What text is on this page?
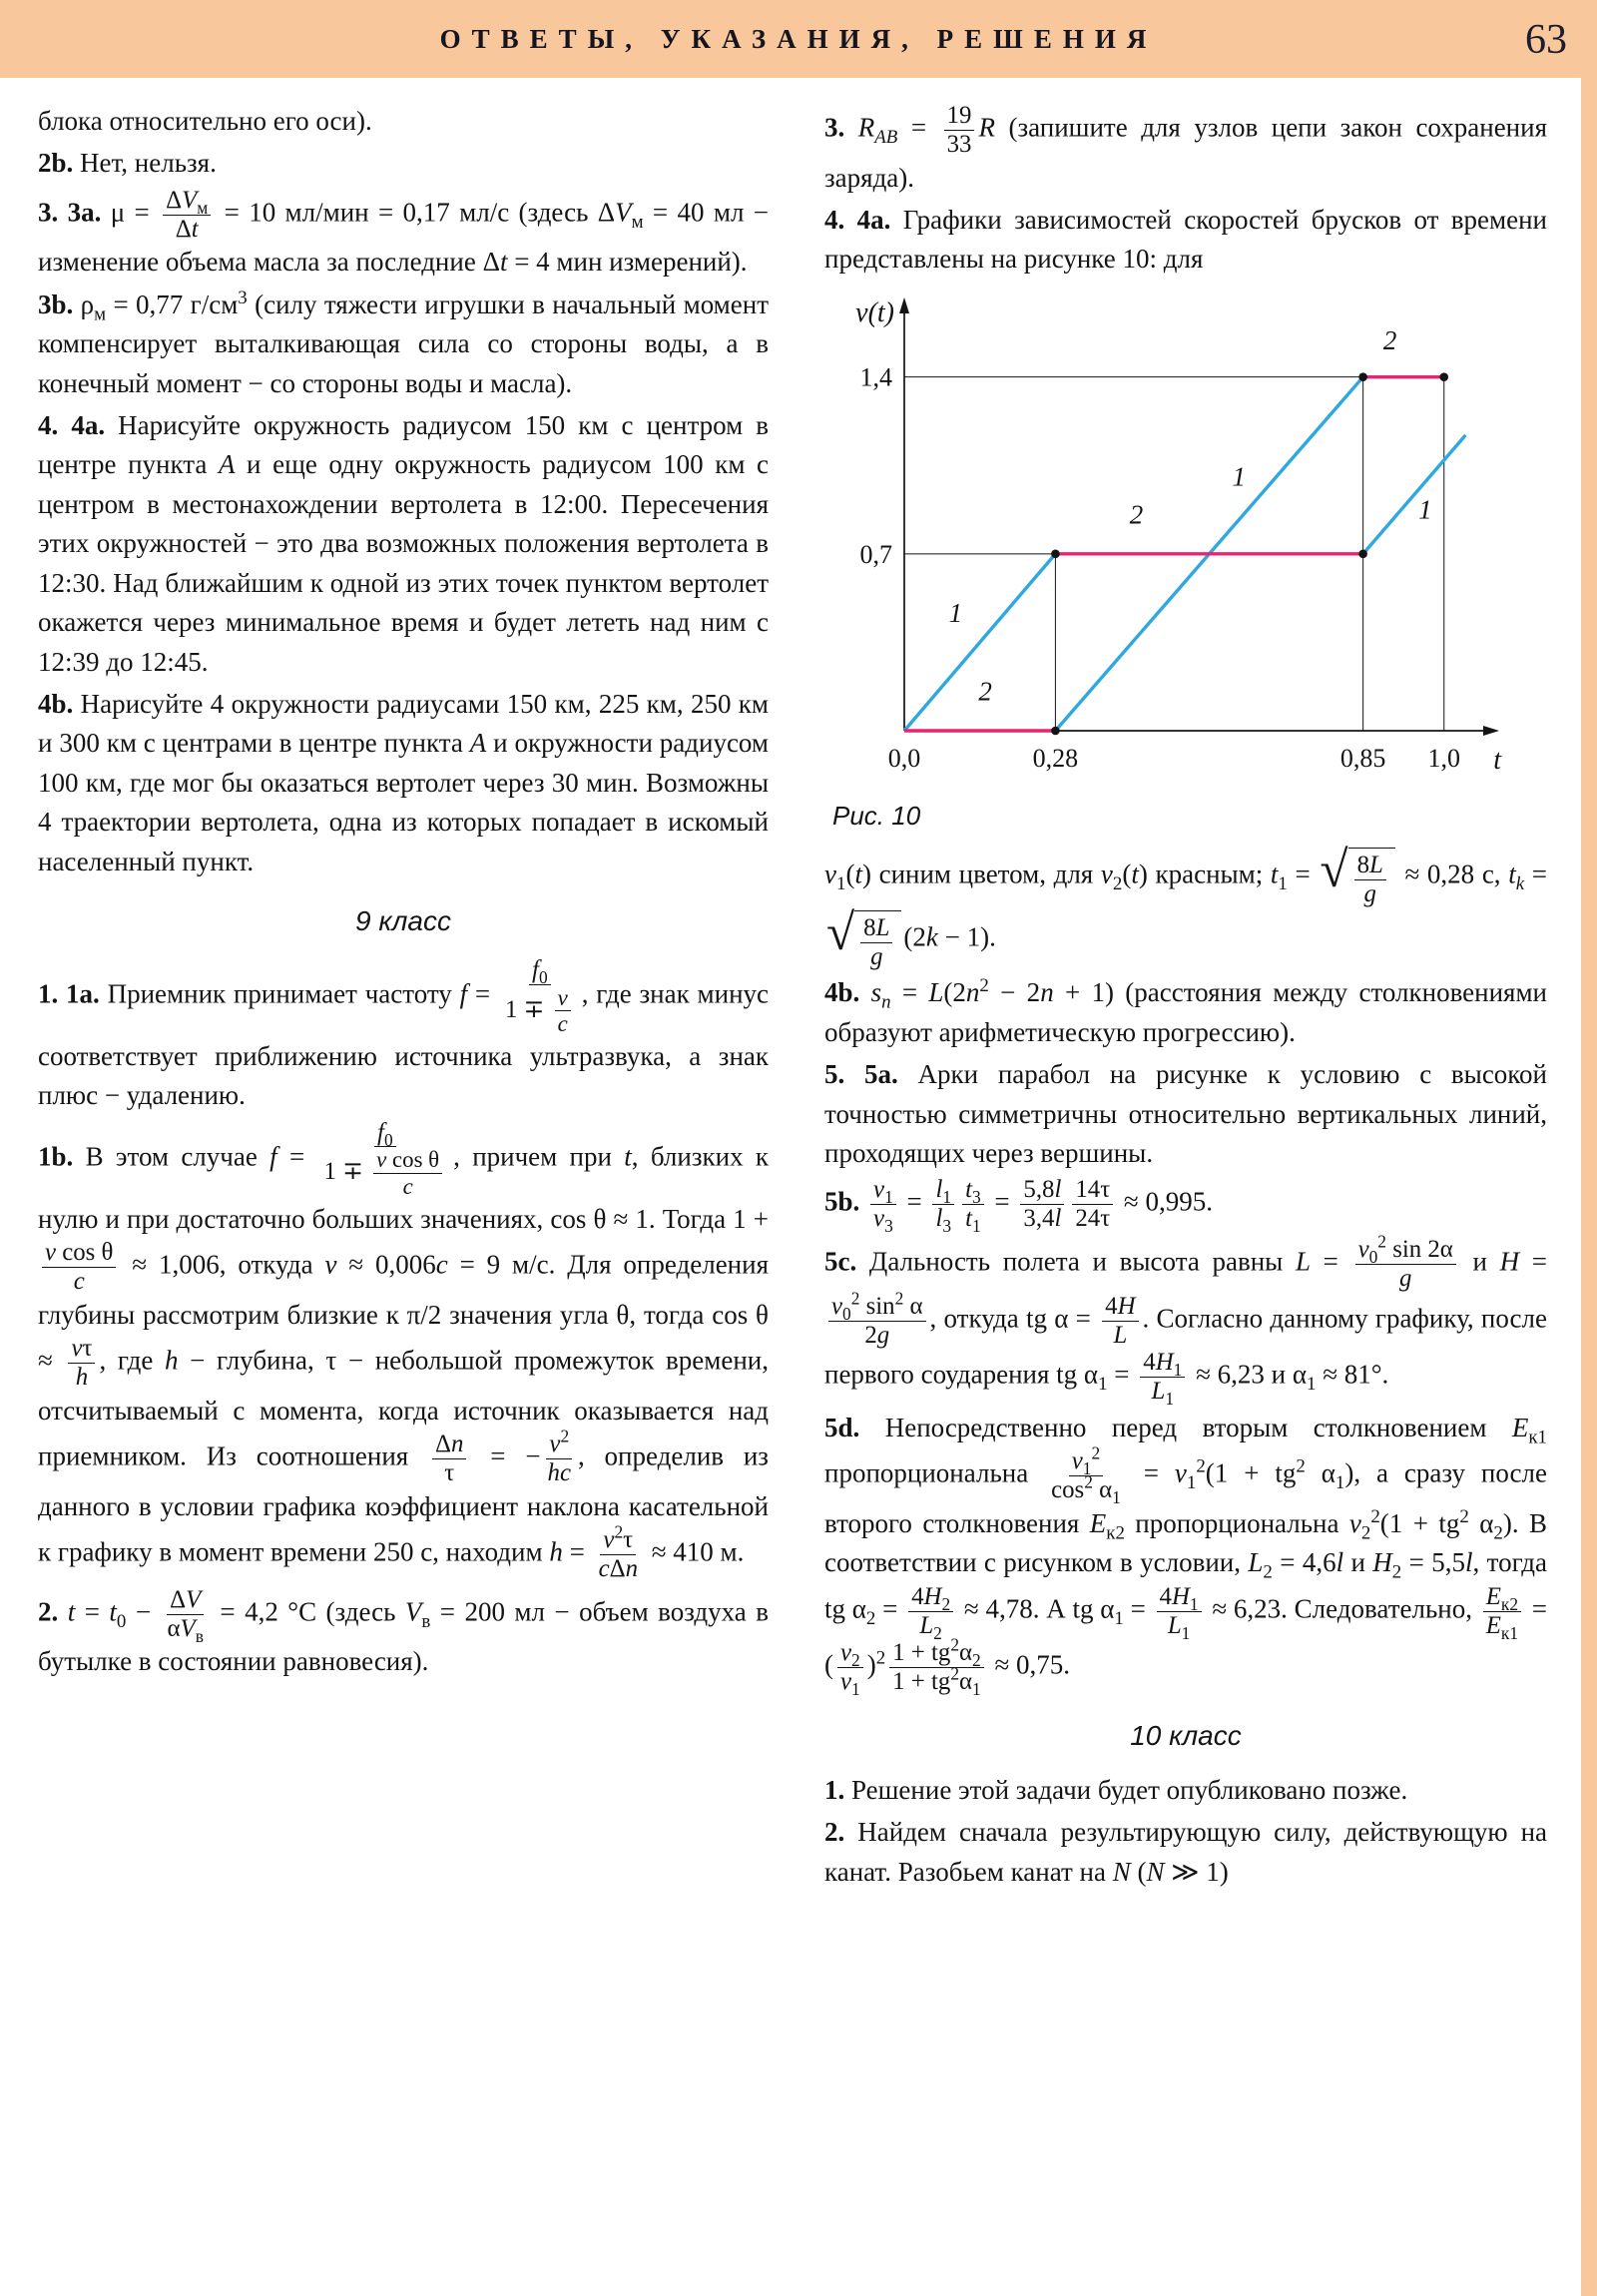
ОТВЕТЫ, УКАЗАНИЯ, РЕШЕНИЯ	63

блока относительно его оси).

2b. Нет, нельзя.

3. 3а. $\mu = \frac{\Delta V_м}{\Delta t} = 10$ мл/мин = 0,17 мл/с (здесь $\Delta V_м = 40$ мл − изменение объема масла за последние Δt = 4 мин измерений).

3b. $\rho_м = 0,77$ $г/см^3$ (силу тяжести игрушки в начальный момент компенсирует выталкивающая сила со стороны воды, а в конечный момент − со стороны воды и масла).

4. 4а. Нарисуйте окружность радиусом 150 км с центром в центре пункта A и еще одну окружность радиусом 100 км с центром в местонахождении вертолета в 12:00. Пересечения этих окружностей − это два возможных положения вертолета в 12:30. Над ближайшим к одной из этих точек пунктом вертолет окажется через минимальное время и будет лететь над ним с 12:39 до 12:45.

4b. Нарисуйте 4 окружности радиусами 150 км, 225 км, 250 км и 300 км с центрами в центре пункта A и окружности радиусом 100 км, где мог бы оказаться вертолет через 30 мин. Возможны 4 траектории вертолета, одна из которых попадает в искомый населенный пункт.

9 класс

1. 1а. Приемник принимает частоту $f = \frac{f_0}{1 \mp \frac{v}{c}}$ , где знак минус соответствует приближению источника ультразвука, а знак плюс − удалению.

1b. В этом случае $f = \frac{f_0}{1 \mp \frac{\text{v cos θ}}{c}}$ , причем при t, близких к нулю и при достаточно больших значениях, cos θ ≈ 1. Тогда 1 +
$\frac{\text{v cos θ}}{c} \approx 1,006$, откуда v ≈ 0,006c = 9 м/с. Для определения глубины рассмотрим близкие к π/2 значения угла θ, тогда $\cos \theta \approx \frac{v\tau}{h}$ , где h − глубина, τ − небольшой промежуток времени, отсчитываемый с момента, когда источник оказывается над приемником. Из соотношения $\frac{\Delta n}{\tau}$ = − $\frac{v^2}{hc}$ , определив из данного в условии графика коэффициент наклона касательной к графику в момент времени 250 с, находим $h = \frac{v^2\tau}{\text{cΔn}} \approx 410$ м.

2. $t = t_0 - \frac{\Delta V}{\alpha V_в} = 4,2$ °C (здесь $V_в = 200$ мл − объем воздуха в бутылке в состоянии равновесия).

3. $R_{AB} = \frac{19}{33}$ R (запишите для узлов цепи закон сохранения заряда).

4. 4а. Графики зависимостей скоростей брусков от времени представлены на рисунке 10: для

1
1
1
2
2
2
0,0	0,28	0,85 1,0
0,7
1,4
v(t)
t
Рис. 10

$v_1(t)$ синим цветом, для $v_2(t)$ красным; $t_1$ = √ $\frac{8L}{g} \approx 0,28$ с, $t_k$ =
√ $\frac{8L}{g} (2k - 1)$.

4b. $s_n = L(2n^2 - 2n + 1)$ (расстояния между столкновениями образуют арифметическую прогрессию).

5. 5а. Арки парабол на рисунке к условию с высокой точностью симметричны относительно вертикальных линий, проходящих через вершины.

5b. $\frac{v_1}{v_3} = \frac{l_1}{l_3} \frac{t_3}{t_1} = \frac{5,8l}{3,4l} \frac{14\tau}{24\tau} \approx 0,995$.

5c. Дальность полета и высота равны $L = \frac{v_0^2 \sin 2\alpha}{g}$ и H =
$\frac{v_0^2 \sin^2 \alpha}{2g}$ , откуда tg $\alpha = \frac{4H}{L}$ . Согласно данному графику, после первого соударения tg $\alpha_1 = \frac{4H_1}{L_1} \approx 6,23$ и $\alpha_1 \approx 81^\circ$.

5d. Непосредственно перед вторым столкновением $E_{к1}$ пропорциональна $\frac{v_1^2}{\cos^2 \alpha_1} = v_1^2(1 + tg^2$ $\alpha_1$), а сразу после второго столкновения $E_{к2}$ пропорциональна $v_2^2(1 + tg^2$ $\alpha_2$). В соответствии с рисунком в условии, $L_2 = 4,6l$ и $H_2 = 5,5l$, тогда tg $\alpha_2 = \frac{4H_2}{L_2} \approx 4,78$. А tg $\alpha_1 = \frac{4H_1}{L_1} \approx 6,23$. Следовательно, $\frac{E_{к2}}{E_{к1}}$ = ( $\frac{v_2}{v_1} )^2 \frac{1 + tg^2\alpha_2}{1 + tg^2\alpha_1} \approx 0,75$.

10 класс

1. Решение этой задачи будет опубликовано позже.

2. Найдем сначала результирующую силу, действующую на канат. Разобьем канат на N (N ≫ 1)
